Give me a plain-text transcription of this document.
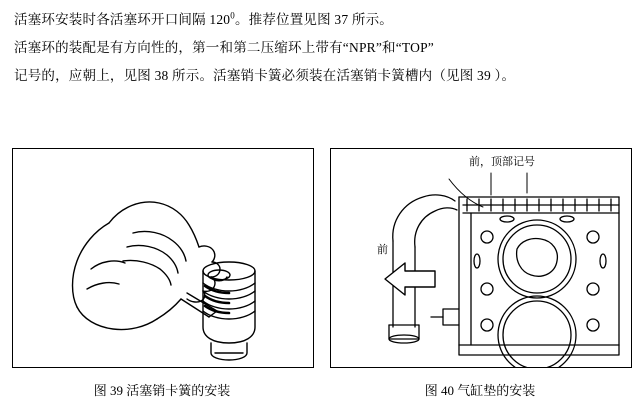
活塞环安装时各活塞环开口间隔 $120^0$。推荐位置见图 37 所示。
活塞环的装配是有方向性的，第一和第二压缩环上带有“NPR”和“TOP”
记号的，应朝上，见图 38 所示。活塞销卡簧必须装在活塞销卡簧槽内（见图 39 ）。
图 39 活塞销卡簧的安装
前，顶部记号
前
图 40 气缸垫的安装
